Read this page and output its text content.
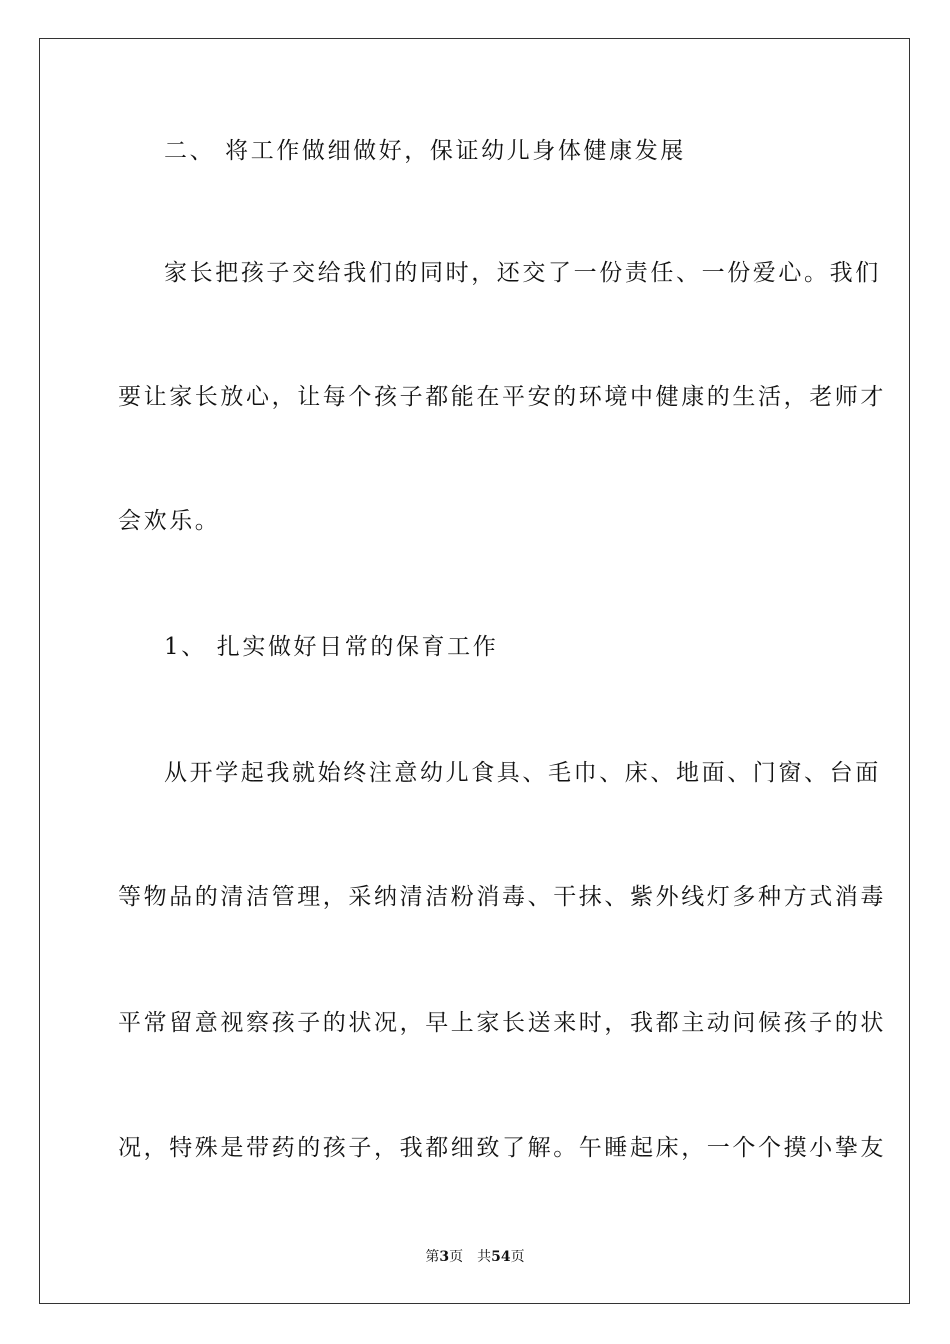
二、 将工作做细做好，保证幼儿身体健康发展
家长把孩子交给我们的同时，还交了一份责任、一份爱心。我们
要让家长放心，让每个孩子都能在平安的环境中健康的生活，老师才
会欢乐。
1、 扎实做好日常的保育工作
从开学起我就始终注意幼儿食具、毛巾、床、地面、门窗、台面
等物品的清洁管理，采纳清洁粉消毒、干抹、紫外线灯多种方式消毒
平常留意视察孩子的状况，早上家长送来时，我都主动问候孩子的状
况，特殊是带药的孩子，我都细致了解。午睡起床，一个个摸小挚友
第3页 共54页
